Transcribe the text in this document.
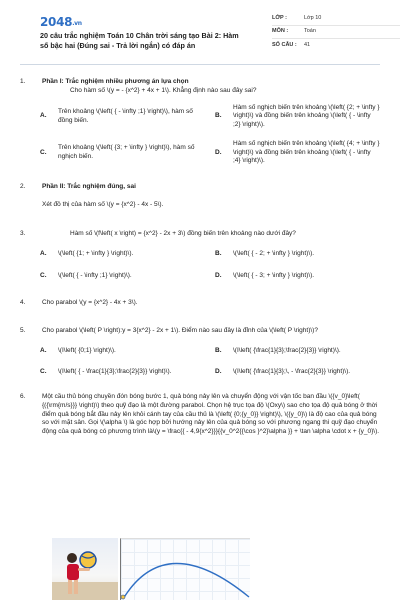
2048.vn
20 câu trắc nghiệm Toán 10 Chân trời sáng tạo Bài 2: Hàm số bậc hai (Đúng sai - Trả lời ngắn) có đáp án
LỚP :	Lớp 10
MÔN :	Toán
SỐ CÂU :	41
1.	Phần I: Trắc nghiệm nhiều phương án lựa chọn
Cho hàm số \(y = - {x^2} + 4x + 1\). Khẳng định nào sau đây sai?
A.
Trên khoảng \(\left( { - \infty ;1} \right)\), hàm số đồng biến.
B.
Hàm số nghịch biến trên khoảng \(\left( {2; + \infty } \right)\) và đồng biến trên khoảng \(\left( { - \infty ;2} \right)\).
C.
Trên khoảng \(\left( {3; + \infty } \right)\), hàm số nghịch biến.
D.
Hàm số nghịch biến trên khoảng \(\left( {4; + \infty } \right)\) và đồng biến trên khoảng \(\left( { - \infty ;4} \right)\).
2.	Phần II: Trắc nghiệm đúng, sai
Xét đồ thị của hàm số \(y = {x^2} - 4x - 5\).
3.	Hàm số \(f\left( x \right) = {x^2} - 2x + 3\) đồng biến trên khoảng nào dưới đây?
A.	\(\left( {1; + \infty } \right)\).	B.	\(\left( { - 2; + \infty } \right)\).
C.	\(\left( { - \infty ;1} \right)\).	D.	\(\left( { - 3; + \infty } \right)\).
4.	Cho parabol \(y = {x^2} - 4x + 3\).
5.	Cho parabol \(\left( P \right):y = 3{x^2} - 2x + 1\). Điểm nào sau đây là đỉnh của \(\left( P \right)\)?
A.	\(I\left( {0;1} \right)\).	B.	\(I\left( {\frac{1}{3};\frac{2}{3}} \right)\).
C.	\(I\left( { - \frac{1}{3};\frac{2}{3}} \right)\).	D.	\(I\left( {\frac{1}{3};\, - \frac{2}{3}} \right)\).
6.	Một cầu thủ bóng chuyền đón bóng bước 1, quả bóng nảy lên và chuyển động với vận tốc ban đầu \({v_0}\left( {({\rm{m/s}}} \right)\) theo quỹ đạo là một đường parabol. Chọn hệ trục tọa độ \(Oxy\) sao cho tọa độ quả bóng ở thời điểm quả bóng bắt đầu nảy lên khỏi cánh tay của cầu thủ là \(\left( {0;{y_0}} \right)\), \({y_0}\) là độ cao của quả bóng so với mặt sân. Gọi \(\alpha \) là góc hợp bởi hướng nảy lên của quả bóng so với phương ngang thì quỹ đạo chuyển động của quả bóng có phương trình là\(y = \frac{{ - 4,9{x^2}}}{{v_0^2{{\cos }^2}\alpha }} + \tan \alpha \cdot x + {y_0}\).
